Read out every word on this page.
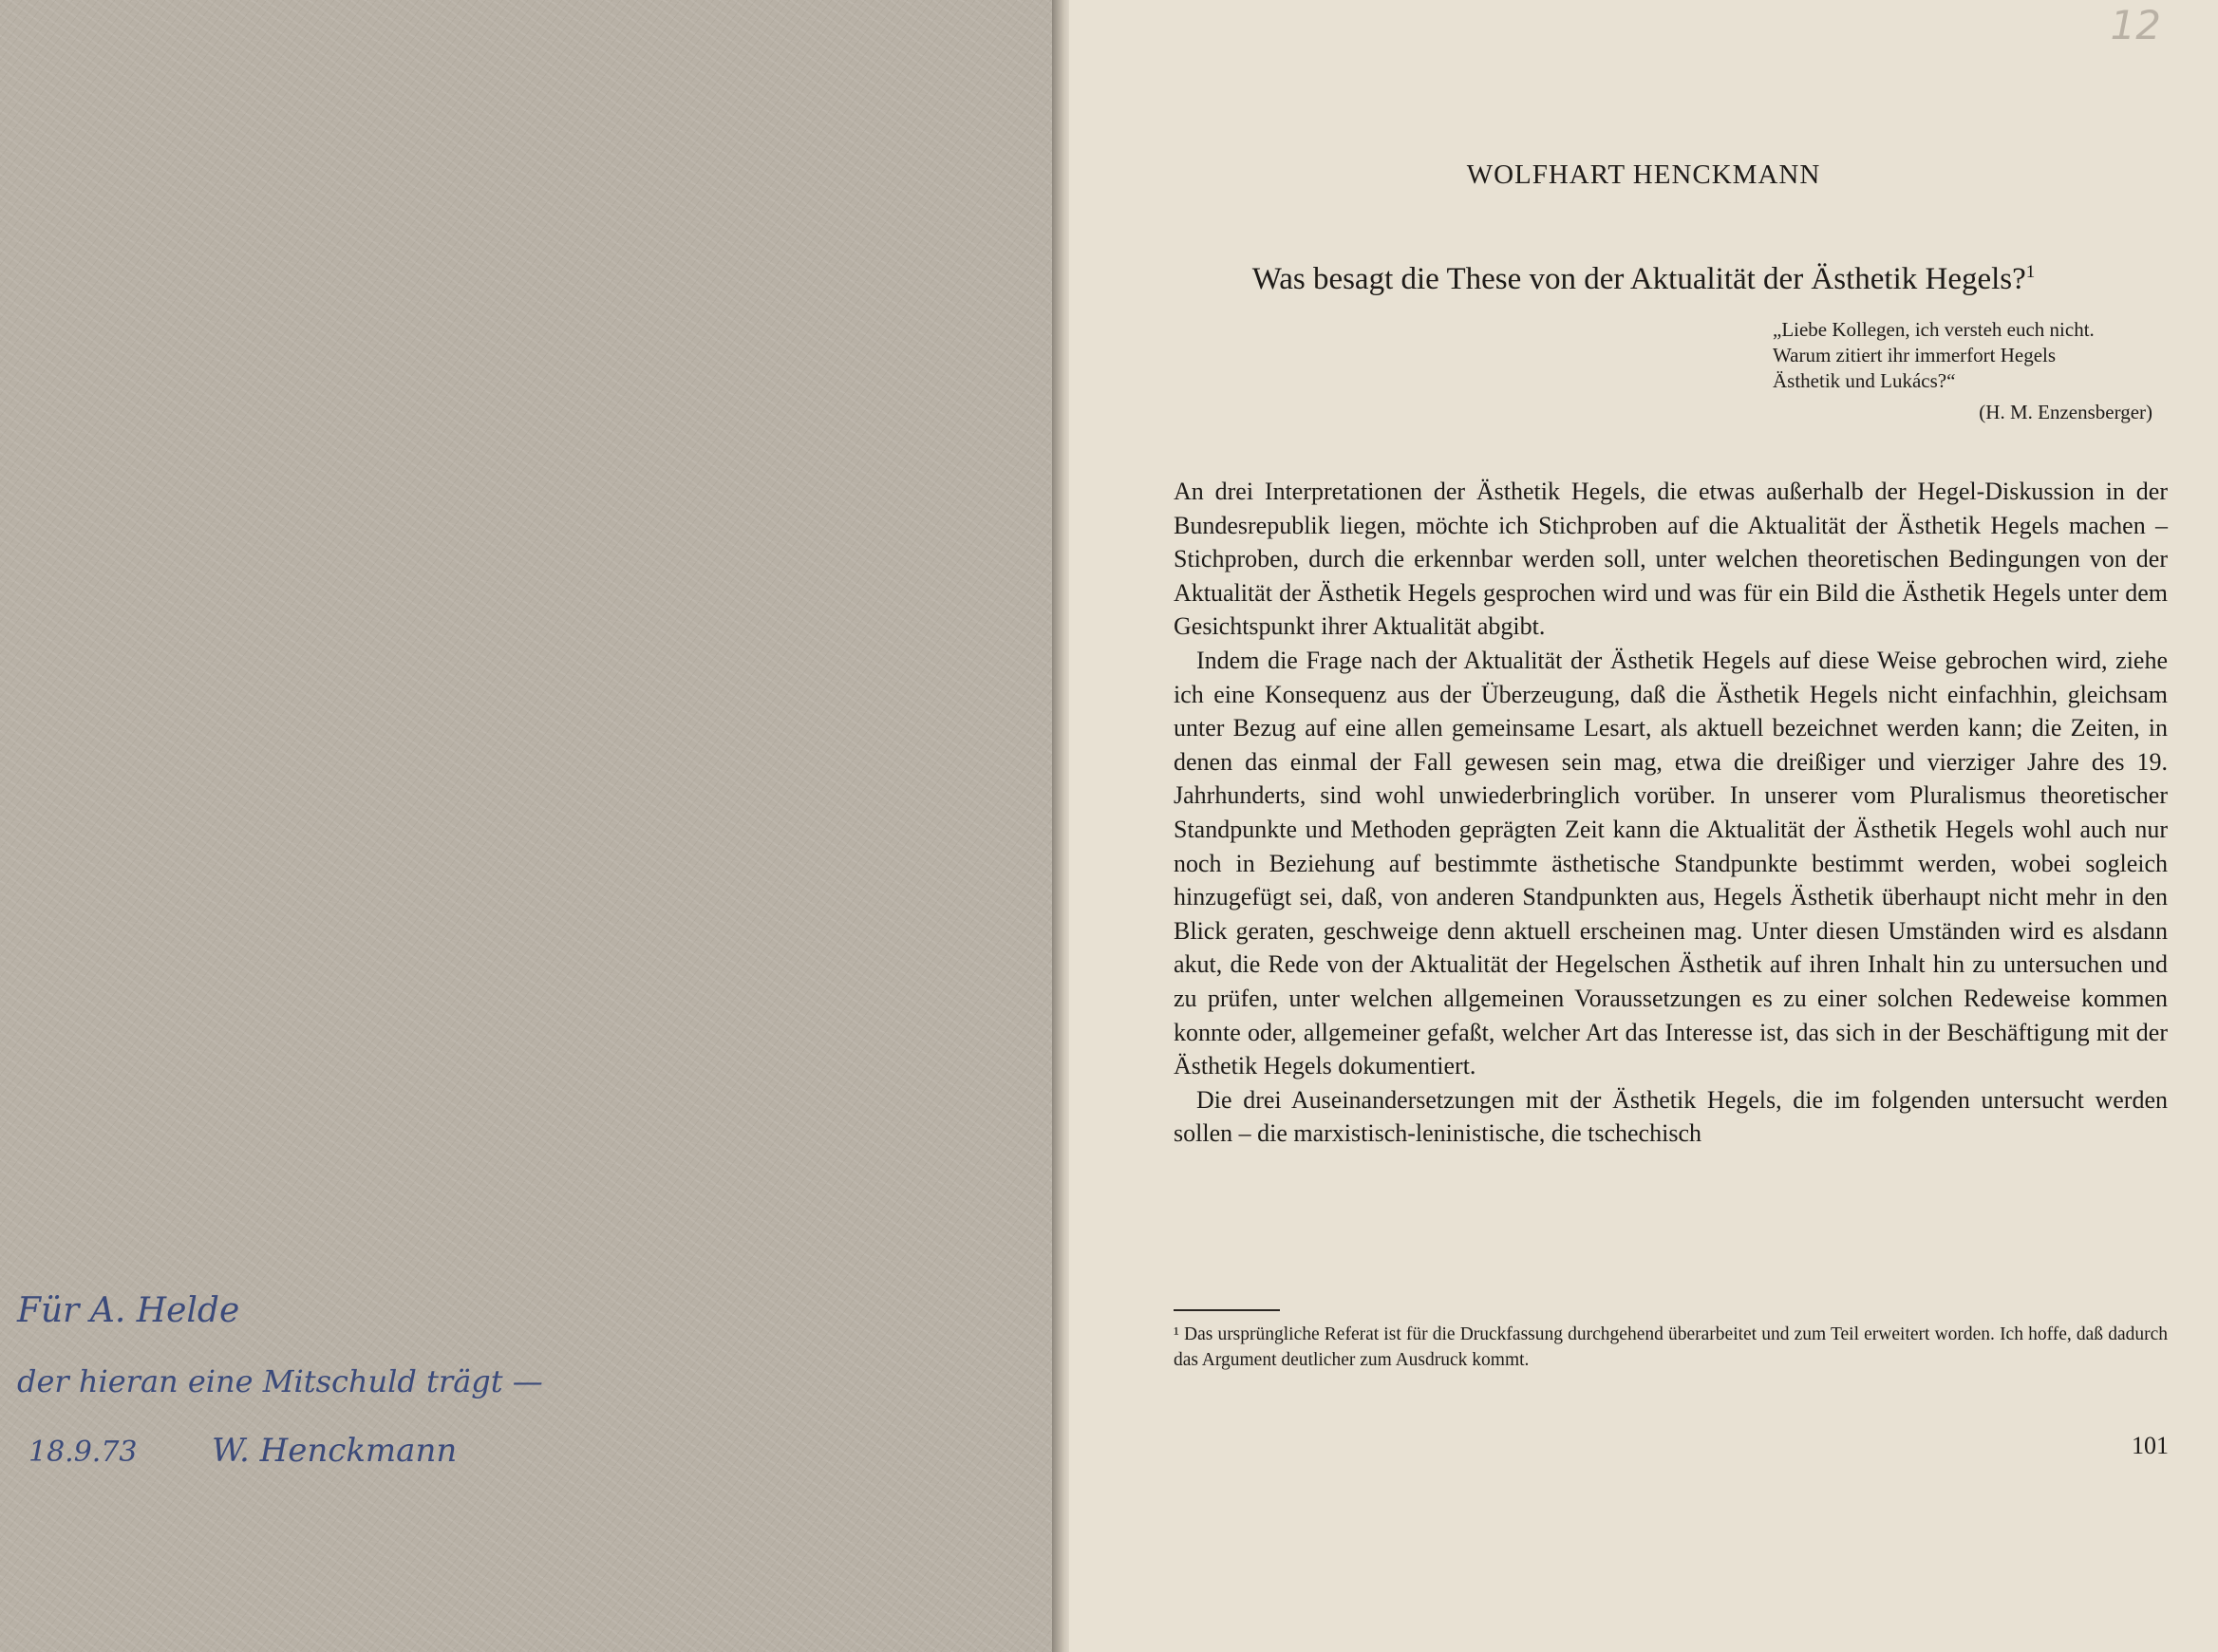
Für A. Helde
der hieran eine Mitschuld trägt —
18.9.73 W. Henckmann
12
WOLFHART HENCKMANN
Was besagt die These von der Aktualität der Ästhetik Hegels?$^1$
„Liebe Kollegen, ich versteh euch nicht.
Warum zitiert ihr immerfort Hegels
Ästhetik und Lukács?“
(H. M. Enzensberger)

An drei Interpretationen der Ästhetik Hegels, die etwas außerhalb der Hegel-Diskussion in der Bundesrepublik liegen, möchte ich Stichproben auf die Aktualität der Ästhetik Hegels machen – Stichproben, durch die erkennbar werden soll, unter welchen theoretischen Bedingungen von der Aktualität der Ästhetik Hegels gesprochen wird und was für ein Bild die Ästhetik Hegels unter dem Gesichtspunkt ihrer Aktualität abgibt.

Indem die Frage nach der Aktualität der Ästhetik Hegels auf diese Weise gebrochen wird, ziehe ich eine Konsequenz aus der Überzeugung, daß die Ästhetik Hegels nicht einfachhin, gleichsam unter Bezug auf eine allen gemeinsame Lesart, als aktuell bezeichnet werden kann; die Zeiten, in denen das einmal der Fall gewesen sein mag, etwa die dreißiger und vierziger Jahre des 19. Jahrhunderts, sind wohl unwiederbringlich vorüber. In unserer vom Pluralismus theoretischer Standpunkte und Methoden geprägten Zeit kann die Aktualität der Ästhetik Hegels wohl auch nur noch in Beziehung auf bestimmte ästhetische Standpunkte bestimmt werden, wobei sogleich hinzugefügt sei, daß, von anderen Standpunkten aus, Hegels Ästhetik überhaupt nicht mehr in den Blick geraten, geschweige denn aktuell erscheinen mag. Unter diesen Umständen wird es alsdann akut, die Rede von der Aktualität der Hegelschen Ästhetik auf ihren Inhalt hin zu untersuchen und zu prüfen, unter welchen allgemeinen Voraussetzungen es zu einer solchen Redeweise kommen konnte oder, allgemeiner gefaßt, welcher Art das Interesse ist, das sich in der Beschäftigung mit der Ästhetik Hegels dokumentiert.

Die drei Auseinandersetzungen mit der Ästhetik Hegels, die im folgenden untersucht werden sollen – die marxistisch-leninistische, die tschechisch

¹ Das ursprüngliche Referat ist für die Druckfassung durchgehend überarbeitet und zum Teil erweitert worden. Ich hoffe, daß dadurch das Argument deutlicher zum Ausdruck kommt.
101
